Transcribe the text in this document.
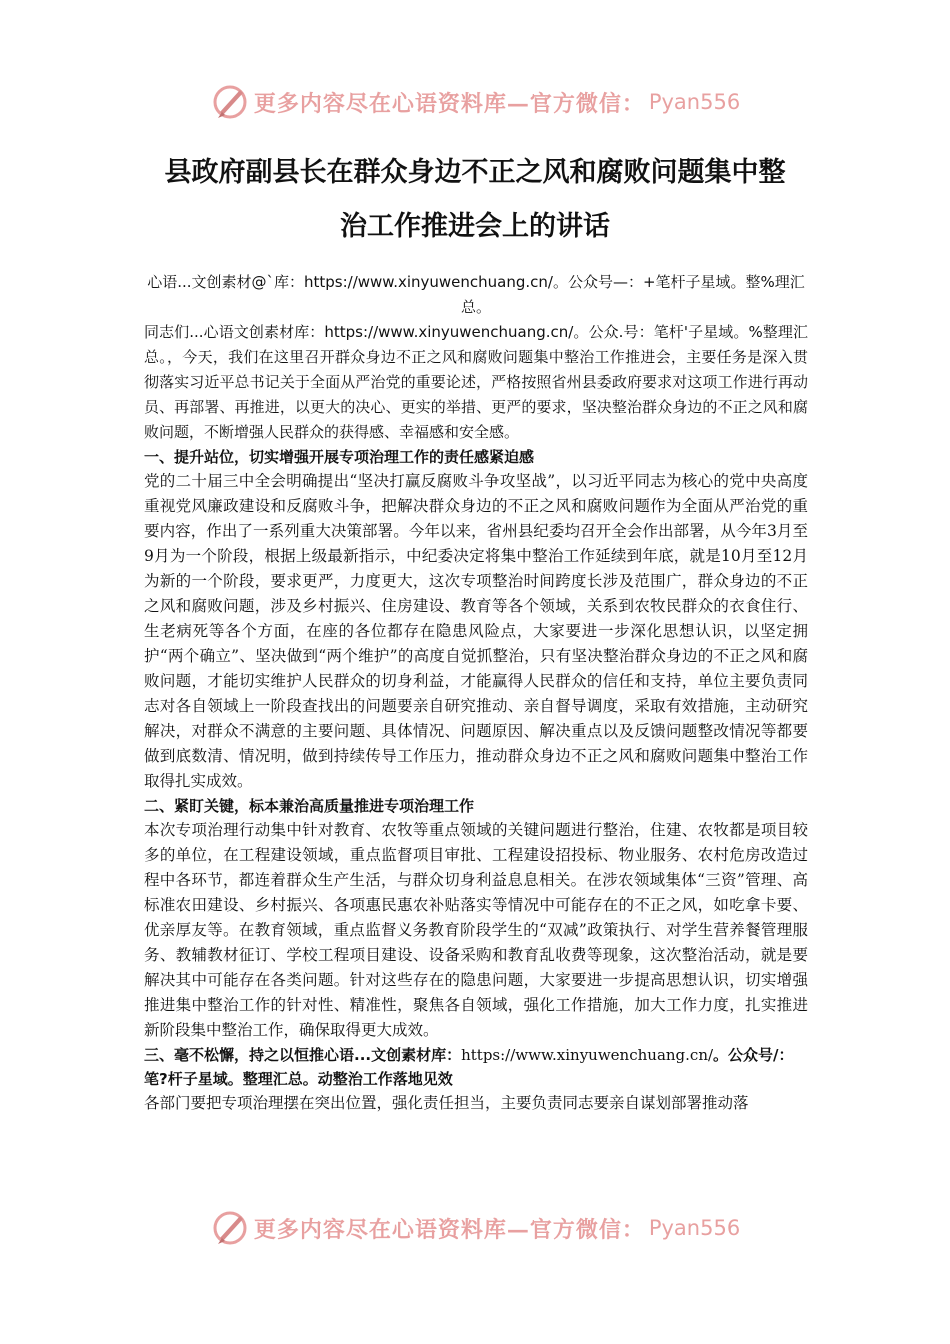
更多内容尽在心语资料库—官方微信： Pyan556
县政府副县长在群众身边不正之风和腐败问题集中整
治工作推进会上的讲话

心语...文创素材@`库：https://www.xinyuwenchuang.cn/。公众号—：+笔杆子星域。整%理汇总。

同志们...心语文创素材库：https://www.xinyuwenchuang.cn/。公众.号：笔杆'子星域。%整理汇总。，今天，我们在这里召开群众身边不正之风和腐败问题集中整治工作推进会，主要任务是深入贯彻落实习近平总书记关于全面从严治党的重要论述，严格按照省州县委政府要求对这项工作进行再动员、再部署、再推进，以更大的决心、更实的举措、更严的要求，坚决整治群众身边的不正之风和腐败问题，不断增强人民群众的获得感、幸福感和安全感。

一、提升站位，切实增强开展专项治理工作的责任感紧迫感

党的二十届三中全会明确提出“坚决打赢反腐败斗争攻坚战”，以习近平同志为核心的党中央高度重视党风廉政建设和反腐败斗争，把解决群众身边的不正之风和腐败问题作为全面从严治党的重要内容，作出了一系列重大决策部署。今年以来，省州县纪委均召开全会作出部署，从今年3月至9月为一个阶段，根据上级最新指示，中纪委决定将集中整治工作延续到年底，就是10月至12月为新的一个阶段，要求更严，力度更大，这次专项整治时间跨度长涉及范围广，群众身边的不正之风和腐败问题，涉及乡村振兴、住房建设、教育等各个领域，关系到农牧民群众的衣食住行、生老病死等各个方面，在座的各位都存在隐患风险点，大家要进一步深化思想认识，以坚定拥护“两个确立”、坚决做到“两个维护”的高度自觉抓整治，只有坚决整治群众身边的不正之风和腐败问题，才能切实维护人民群众的切身利益，才能赢得人民群众的信任和支持，单位主要负责同志对各自领域上一阶段查找出的问题要亲自研究推动、亲自督导调度，采取有效措施，主动研究解决，对群众不满意的主要问题、具体情况、问题原因、解决重点以及反馈问题整改情况等都要做到底数清、情况明，做到持续传导工作压力，推动群众身边不正之风和腐败问题集中整治工作取得扎实成效。

二、紧盯关键，标本兼治高质量推进专项治理工作

本次专项治理行动集中针对教育、农牧等重点领域的关键问题进行整治，住建、农牧都是项目较多的单位，在工程建设领域，重点监督项目审批、工程建设招投标、物业服务、农村危房改造过程中各环节，都连着群众生产生活，与群众切身利益息息相关。在涉农领域集体“三资”管理、高标准农田建设、乡村振兴、各项惠民惠农补贴落实等情况中可能存在的不正之风，如吃拿卡要、优亲厚友等。在教育领域，重点监督义务教育阶段学生的“双减”政策执行、对学生营养餐管理服务、教辅教材征订、学校工程项目建设、设备采购和教育乱收费等现象，这次整治活动，就是要解决其中可能存在各类问题。针对这些存在的隐患问题，大家要进一步提高思想认识，切实增强推进集中整治工作的针对性、精准性，聚焦各自领域，强化工作措施，加大工作力度，扎实推进新阶段集中整治工作，确保取得更大成效。

三、毫不松懈，持之以恒推心语...文创素材库：https://www.xinyuwenchuang.cn/。公众号/：笔?杆子星域。整理汇总。动整治工作落地见效

各部门要把专项治理摆在突出位置，强化责任担当，主要负责同志要亲自谋划部署推动落

更多内容尽在心语资料库—官方微信： Pyan556
